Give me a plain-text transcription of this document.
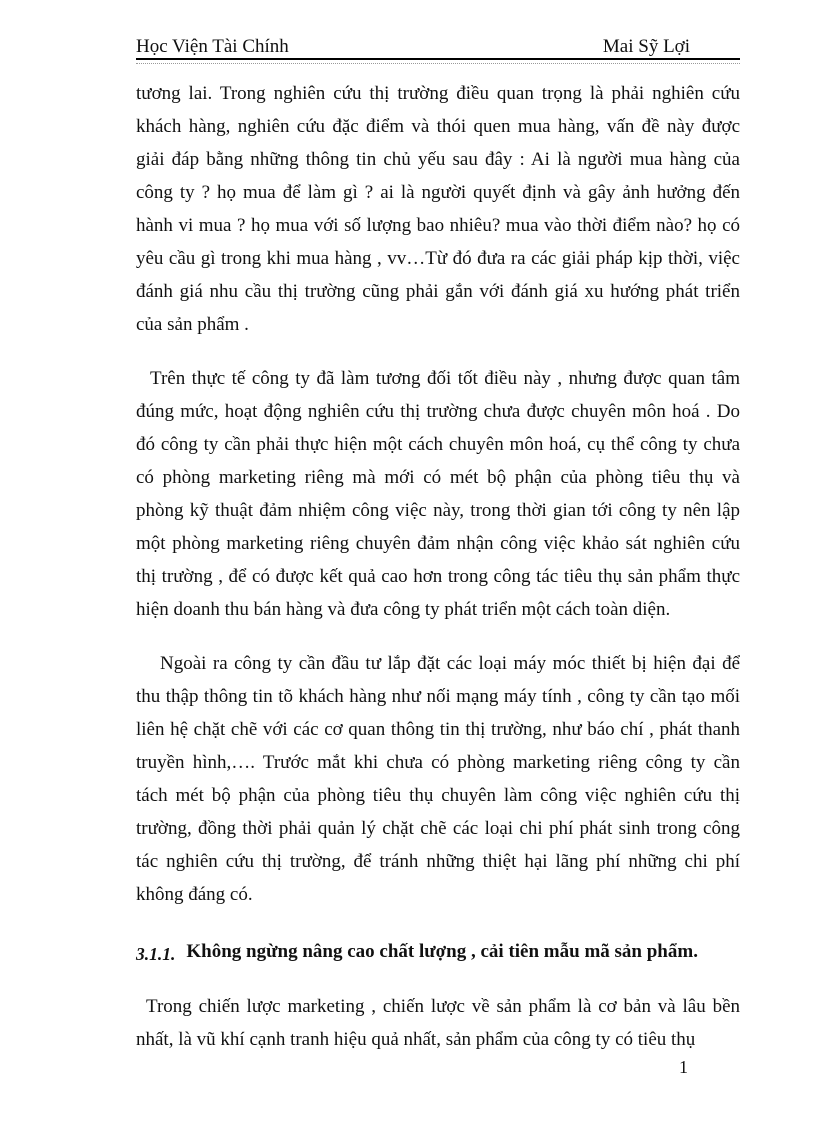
Học Viện Tài Chính	Mai Sỹ Lợi
tương lai. Trong nghiên cứu thị trường điều quan trọng là phải nghiên cứu
khách hàng, nghiên cứu đặc điểm và thói quen mua hàng, vấn đề này được
giải đáp bằng những thông tin chủ yếu sau đây : Ai là người mua hàng của
công ty ? họ mua để làm gì ? ai là người quyết định và gây ảnh hưởng đến
hành vi mua ? họ mua với số lượng bao nhiêu? mua vào thời điểm nào? họ có
yêu cầu gì trong khi mua hàng , vv…Từ đó đưa ra các giải pháp kịp thời, việc
đánh giá nhu cầu thị trường cũng phải gắn với đánh giá xu hướng phát triển
của sản phẩm .
Trên thực tế công ty đã làm tương đối tốt điều này , nhưng được quan tâm
đúng mức, hoạt động nghiên cứu thị trường chưa được chuyên môn hoá . Do
đó công ty cần phải thực hiện một cách chuyên môn hoá, cụ thể công ty chưa
có phòng marketing riêng mà mới có mét bộ phận của phòng tiêu thụ và
phòng kỹ thuật đảm nhiệm công việc này, trong thời gian tới công ty nên lập
một phòng marketing riêng chuyên đảm nhận công việc khảo sát nghiên cứu
thị trường , để có được kết quả cao hơn trong công tác tiêu thụ sản phẩm thực
hiện doanh thu bán hàng và đưa công ty phát triển một cách toàn diện.
Ngoài ra công ty cần đầu tư lắp đặt các loại máy móc thiết bị hiện đại để
thu thập thông tin tõ khách hàng như nối mạng máy tính , công ty cần tạo mối
liên hệ chặt chẽ với các cơ quan thông tin thị trường, như báo chí , phát thanh
truyền hình,…. Trước mắt khi chưa có phòng marketing riêng công ty cần
tách mét bộ phận của phòng tiêu thụ chuyên làm công việc nghiên cứu thị
trường, đồng thời phải quản lý chặt chẽ các loại chi phí phát sinh trong công
tác nghiên cứu thị trường, để tránh những thiệt hại lãng phí những chi phí
không đáng có.
3.1.1. Không ngừng nâng cao chất lượng , cải tiên mẫu mã sản phẩm.
Trong chiến lược marketing , chiến lược về sản phẩm là cơ bản và lâu bền
nhất, là vũ khí cạnh tranh hiệu quả nhất, sản phẩm của công ty có tiêu thụ
1
